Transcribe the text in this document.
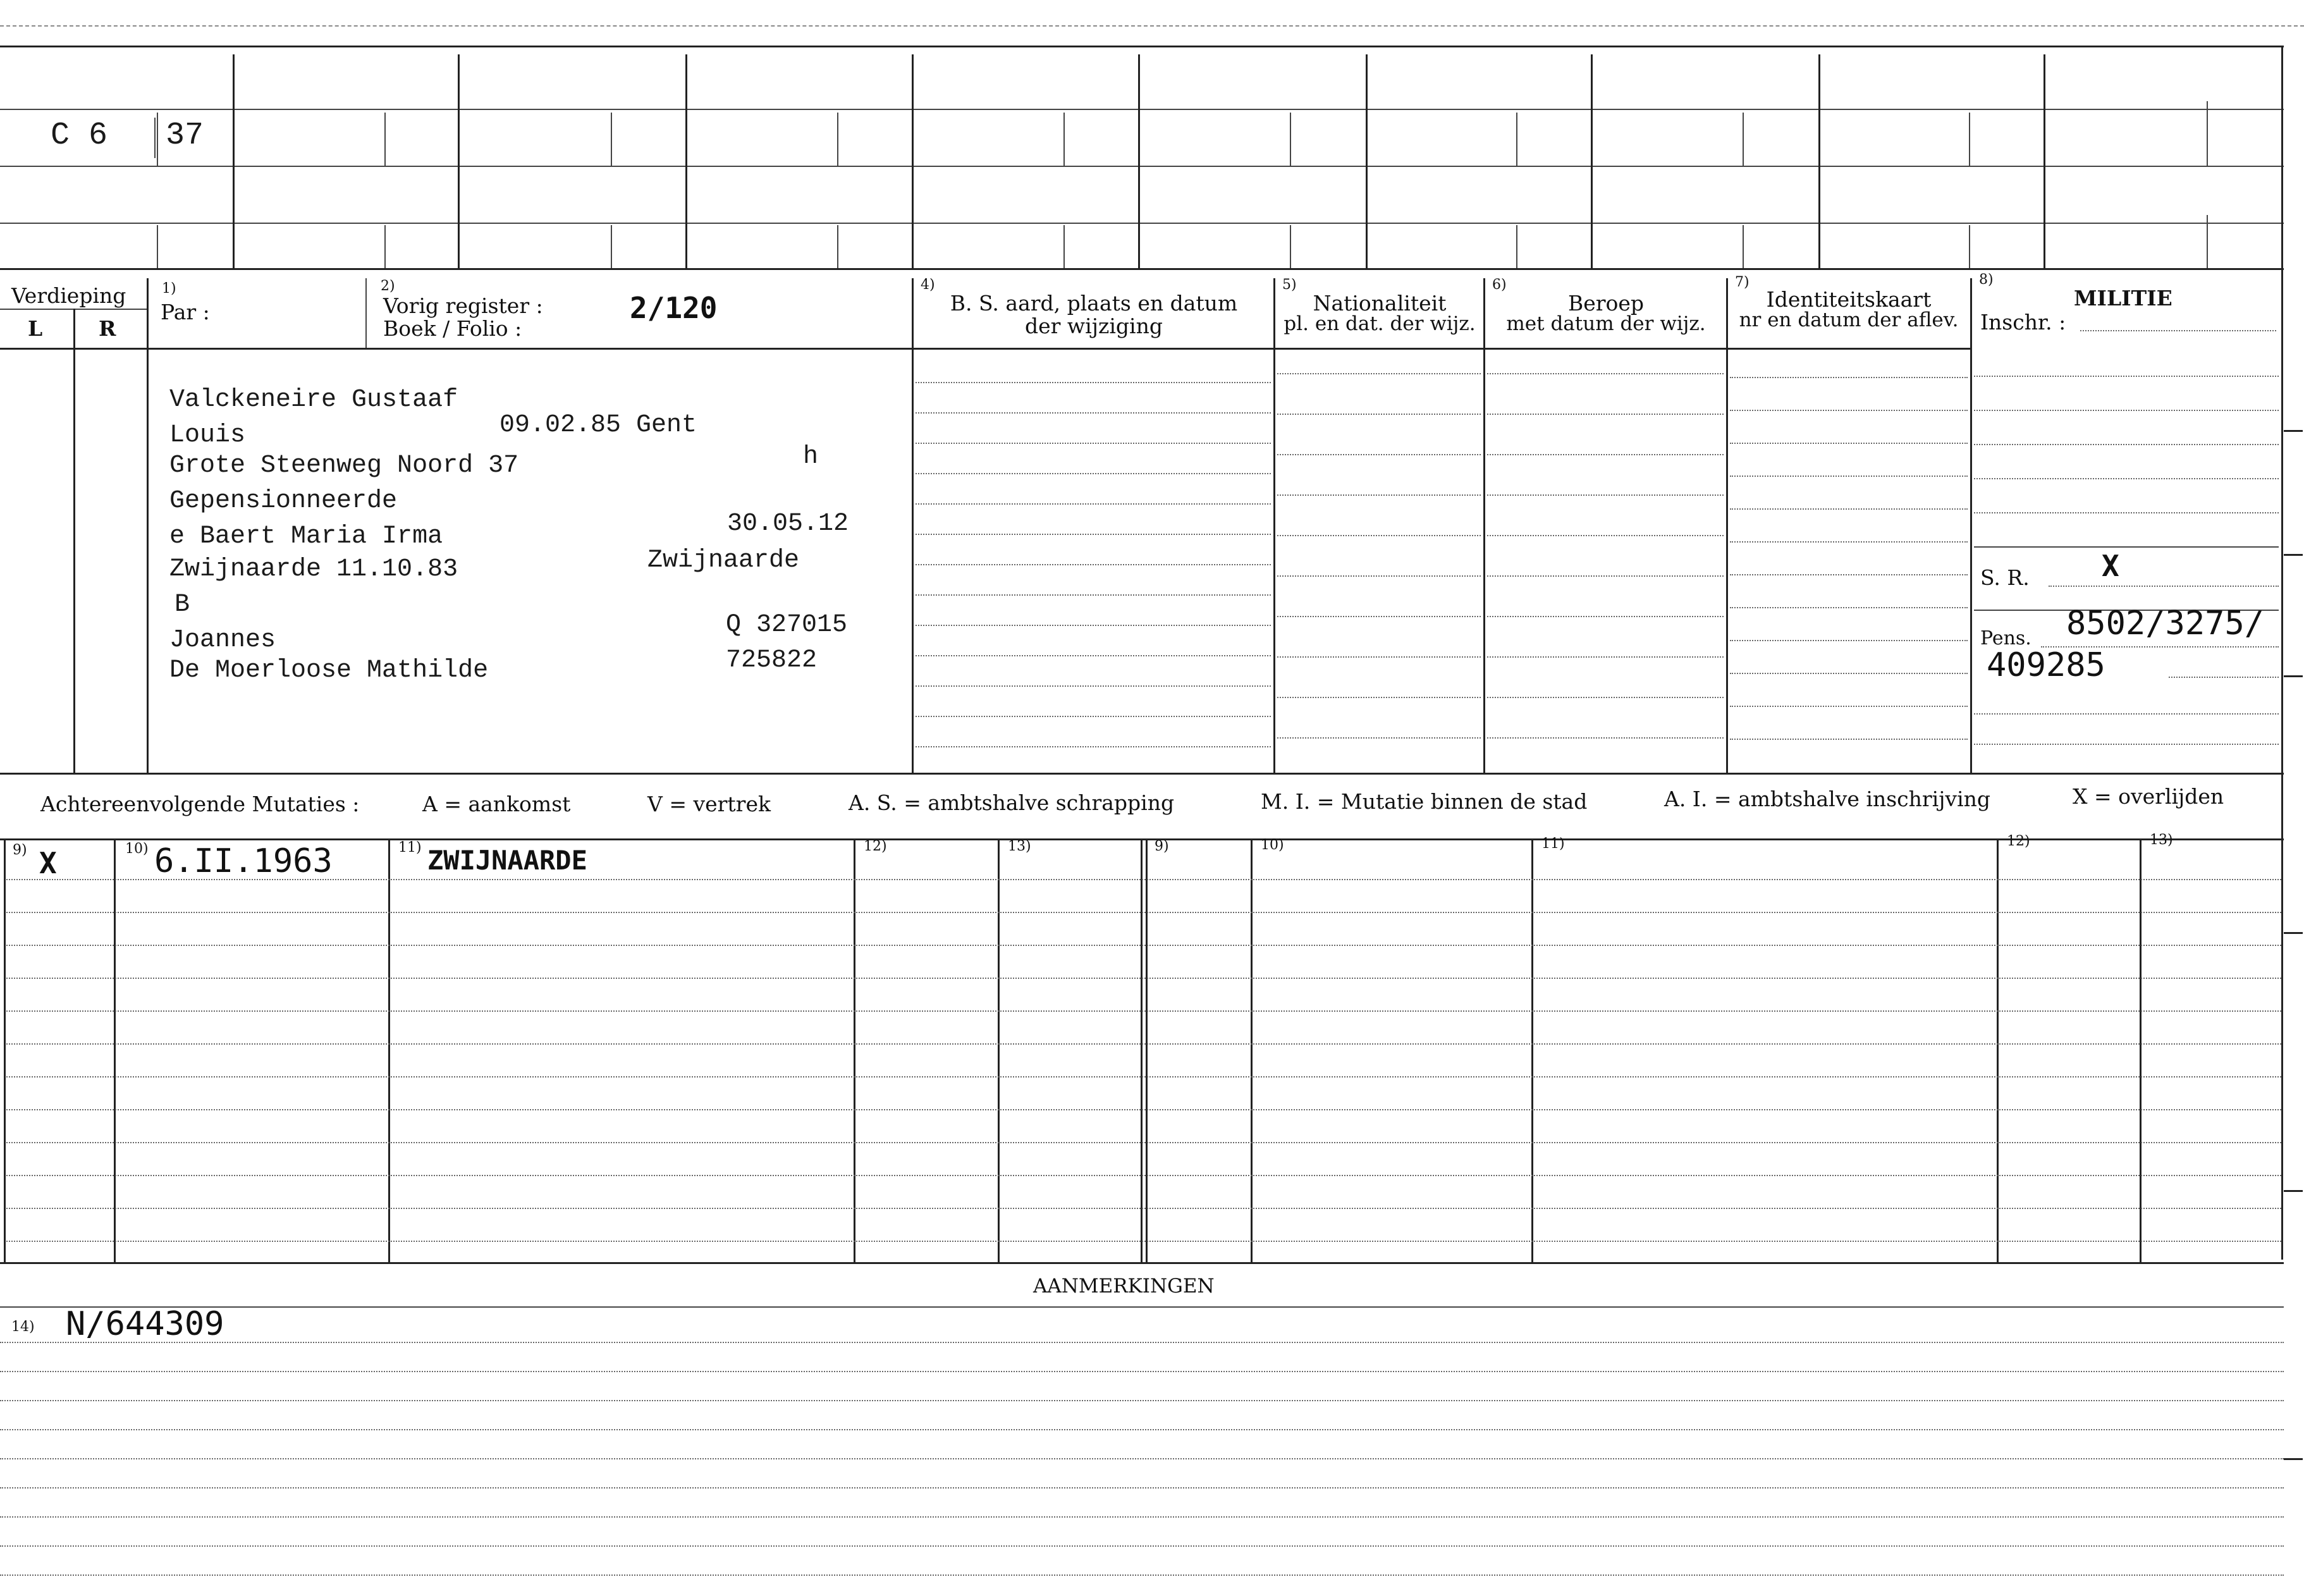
C 6 37
Verdieping
L	R
1)
Par :
2)
Vorig register :
Boek / Folio :
2/120
4)
B. S. aard, plaats en datum
der wijziging
5)
Nationaliteit
pl. en dat. der wijz.
6)
Beroep
met datum der wijz.
7)
Identiteitskaart
nr en datum der aflev.
8)
MILITIE
Inschr. :
Valckeneire Gustaaf
Louis	09.02.85 Gent
Grote Steenweg Noord 37	h
Gepensionneerde
e Baert Maria Irma	30.05.12
Zwijnaarde 11.10.83	Zwijnaarde
B
Joannes
Q 327015
De Moerloose Mathilde	725822
S. R. X
Pens. 8502/3275/
409285
Achtereenvolgende Mutaties :	A = aankomst	V = vertrek	A. S. = ambtshalve schrapping	M. I. = Mutatie binnen de stad	A. I. = ambtshalve inschrijving	X = overlijden
9)	10)	11)	12)	13)	9)	10)	11)	12)	13)
X	6.II.1963	ZWIJNAARDE
AANMERKINGEN
14) N/644309
